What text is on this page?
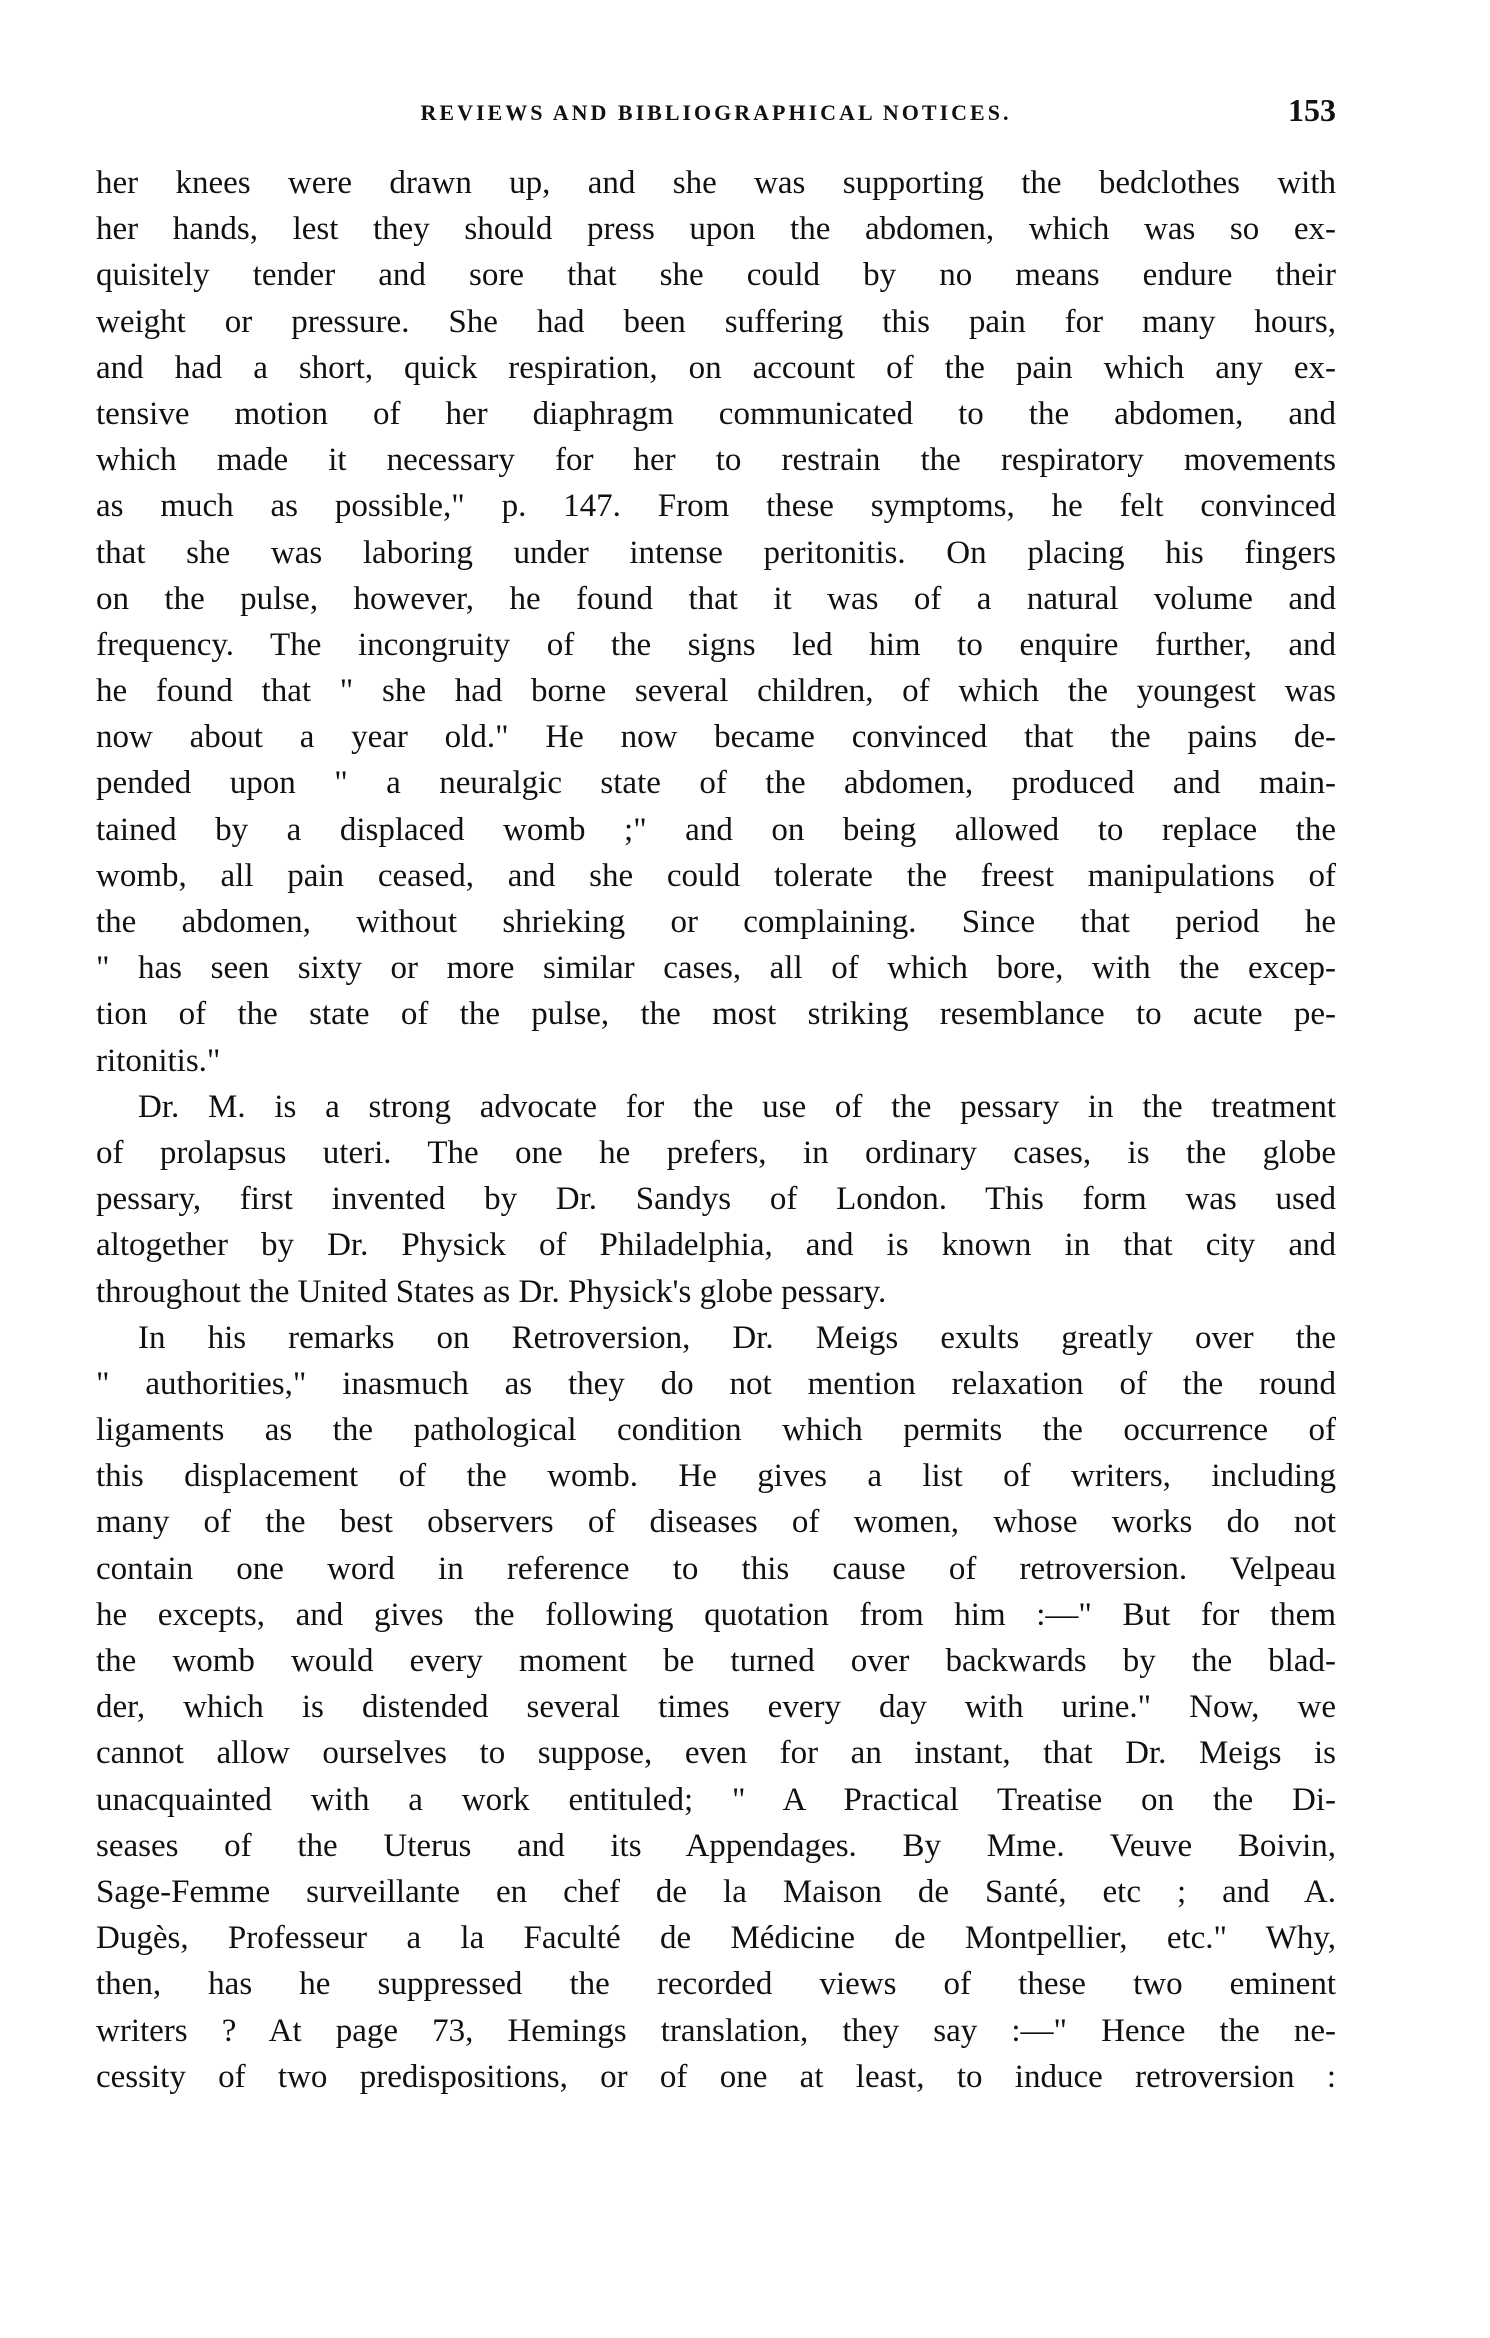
REVIEWS AND BIBLIOGRAPHICAL NOTICES.	153
her knees were drawn up, and she was supporting the bedclothes with
her hands, lest they should press upon the abdomen, which was so ex-
quisitely tender and sore that she could by no means endure their
weight or pressure. She had been suffering this pain for many hours,
and had a short, quick respiration, on account of the pain which any ex-
tensive motion of her diaphragm communicated to the abdomen, and
which made it necessary for her to restrain the respiratory movements
as much as possible," p. 147. From these symptoms, he felt convinced
that she was laboring under intense peritonitis. On placing his fingers
on the pulse, however, he found that it was of a natural volume and
frequency. The incongruity of the signs led him to enquire further, and
he found that " she had borne several children, of which the youngest was
now about a year old." He now became convinced that the pains de-
pended upon " a neuralgic state of the abdomen, produced and main-
tained by a displaced womb ;" and on being allowed to replace the
womb, all pain ceased, and she could tolerate the freest manipulations of
the abdomen, without shrieking or complaining. Since that period he
" has seen sixty or more similar cases, all of which bore, with the excep-
tion of the state of the pulse, the most striking resemblance to acute pe-
ritonitis."
Dr. M. is a strong advocate for the use of the pessary in the treatment
of prolapsus uteri. The one he prefers, in ordinary cases, is the globe
pessary, first invented by Dr. Sandys of London. This form was used
altogether by Dr. Physick of Philadelphia, and is known in that city and
throughout the United States as Dr. Physick's globe pessary.
In his remarks on Retroversion, Dr. Meigs exults greatly over the
" authorities," inasmuch as they do not mention relaxation of the round
ligaments as the pathological condition which permits the occurrence of
this displacement of the womb. He gives a list of writers, including
many of the best observers of diseases of women, whose works do not
contain one word in reference to this cause of retroversion. Velpeau
he excepts, and gives the following quotation from him :—" But for them
the womb would every moment be turned over backwards by the blad-
der, which is distended several times every day with urine." Now, we
cannot allow ourselves to suppose, even for an instant, that Dr. Meigs is
unacquainted with a work entituled; " A Practical Treatise on the Di-
seases of the Uterus and its Appendages. By Mme. Veuve Boivin,
Sage-Femme surveillante en chef de la Maison de Santé, etc ; and A.
Dugès, Professeur a la Faculté de Médicine de Montpellier, etc." Why,
then, has he suppressed the recorded views of these two eminent
writers ? At page 73, Hemings translation, they say :—" Hence the ne-
cessity of two predispositions, or of one at least, to induce retroversion :
